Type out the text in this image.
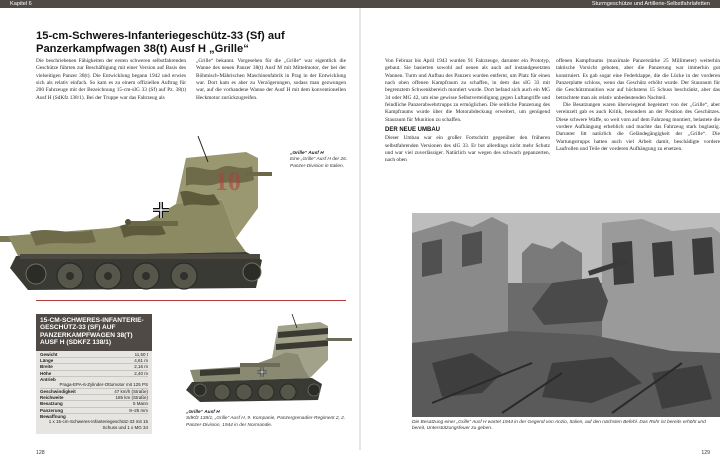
Kapitel 6	Sturmgeschütze und Artillerie-Selbstfahrlafetten
15-cm-Schweres-Infanteriegeschütz-33 (Sf) auf
Panzerkampfwagen 38(t) Ausf H „Grille“

Die beschriebenen Fähigkeiten der ersten schweren selbstfahrenden Geschütze führten zur Beschäftigung mit einer Version auf Basis des vielseitigen Panzer 38(t). Die Entwicklung begann 1942 und erwies sich als relativ einfach. So kam es zu einem offiziellen Auftrag für 200 Fahrzeuge mit der Bezeichnung 15-cm-sIG 33 (Sf) auf Pz. 38(t) Ausf H (SdKfz 138/1). Bei der Truppe war das Fahrzeug als

„Grille“ bekannt. Vorgesehen für die „Grille“ war eigentlich die Wanne des neuen Panzer 38(t) Ausf M mit Mittelmotor, der bei der Böhmisch-Mährischen Maschinenfabrik in Prag in der Entwicklung war. Dort kam es aber zu Verzögerungen, sodass man gezwungen war, auf die vorhandene Wanne der Ausf H mit dem konventionellen Heckmotor zurückzugreifen.

Von Februar bis April 1943 wurden 91 Fahrzeuge, darunter ein Prototyp, gebaut. Sie basierten sowohl auf neuen als auch auf instandgesetzten Wannen. Turm und Aufbau des Panzers wurden entfernt, um Platz für einen nach oben offenen Kampfraum zu schaffen, in dem das sIG 33 mit begrenztem Schwenkbereich montiert wurde. Dort befand sich auch ein MG 34 oder MG 42, um eine gewisse Selbstverteidigung gegen Luftangriffe und feindliche Panzerabwehrtrupps zu ermöglichen. Die seitliche Panzerung des Kampfraums wurde über die Motorabdeckung erweitert, um genügend Stauraum für Munition zu schaffen.

DER NEUE UMBAU

Dieser Umbau war ein großer Fortschritt gegenüber den früheren selbstfahrenden Versionen des sIG 33. Er bot allerdings nicht mehr Schutz und war viel zuverlässiger. Natürlich war wegen des schwach gepanzerten, nach oben

offenen Kampfraums (maximale Panzerstärke 25 Millimeter) weiterhin taktische Vorsicht geboten, aber die Panzerung war immerhin gut konstruiert. Es gab sogar eine Federklappe, die die Lücke in der vorderen Panzerplatte schloss, wenn das Geschütz erhöht wurde. Der Stauraum für die Geschützmunition war auf höchstens 15 Schuss beschränkt, aber das betrachtete man als relativ unbedeutenden Nachteil.

Die Besatzungen waren überwiegend begeistert von der „Grille“, aber vereinzelt gab es auch Kritik, besonders an der Position des Geschützes. Diese schwere Waffe, so weit vorn auf dem Fahrzeug montiert, belastete die vordere Aufhängung erheblich und machte das Fahrzeug stark buglastig. Darunter litt natürlich die Geländegängigkeit der „Grille“. Die Wartungstrupps hatten auch viel Arbeit damit, beschädigte vordere Laufrollen und Teile der vorderen Aufhängung zu ersetzen.

10
„Grille“ Ausf H
Eine „Grille“ Ausf H der 26. Panzer-Division in Italien.
15-CM-SCHWERES-INFANTERIE-
GESCHÜTZ-33 (SF) AUF
PANZERKAMPFWAGEN 38(T)
AUSF H (SDKFZ 138/1)
Gewicht	11,50 t
Länge	4,61 m
Breite	2,16 m
Höhe	2,40 m
Antrieb
Praga-EPA-6-Zylinder-Ottomotor mit 125 PS
Geschwindigkeit	47 km/h (Straße)
Reichweite	185 km (Straße)
Besatzung	5 Mann
Panzerung	8–25 mm
Bewaffnung
1 x 15-cm-Schweres-Infanteriegeschütz-33 mit 15 Schuss und 1 x MG 34
„Grille“ Ausf H
SdKfz 138/1, „Grille“ Ausf H, 9. Kompanie, Panzergrenadier-Regiment 2, 2. Panzer-Division, 1944 in der Normandie.
Die Besatzung einer „Grille“ Ausf H wartet 1944 in der Gegend von Anzio, Italien, auf den nächsten Befehl. Das Rohr ist bereits erhöht und bereit, Unterstützungsfeuer zu geben.
128	129
